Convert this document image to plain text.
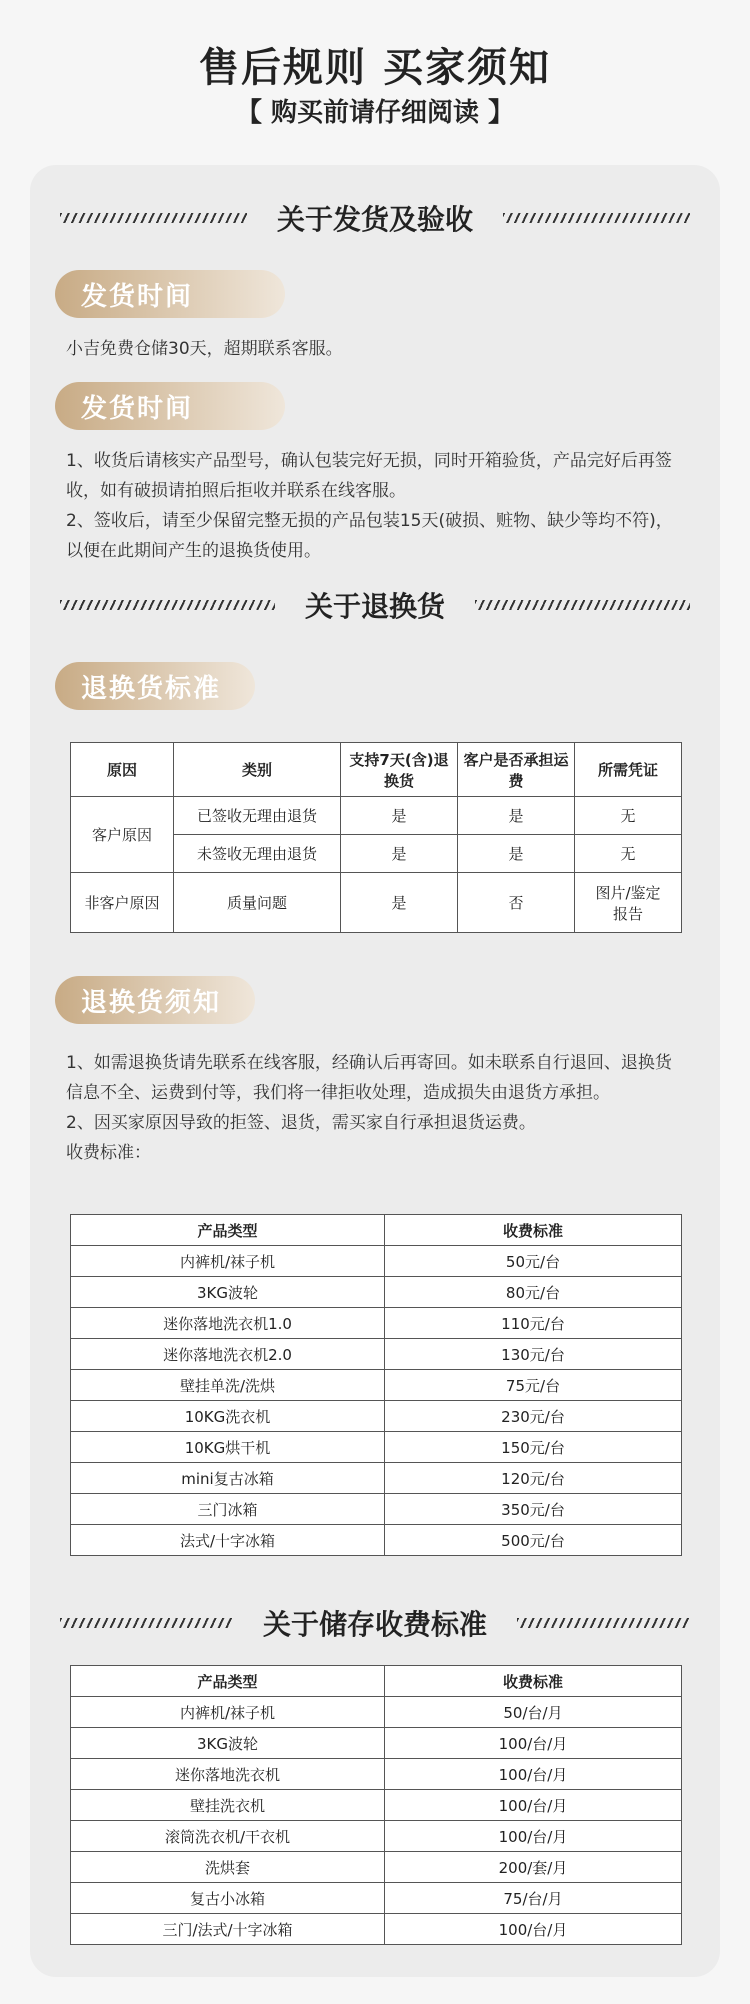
售后规则 买家须知
【 购买前请仔细阅读 】
关于发货及验收
发货时间
小吉免费仓储30天，超期联系客服。
发货时间
1、收货后请核实产品型号，确认包装完好无损，同时开箱验货，产品完好后再签收，如有破损请拍照后拒收并联系在线客服。
2、签收后，请至少保留完整无损的产品包装15天(破损、赃物、缺少等均不符)，以便在此期间产生的退换货使用。
关于退换货
退换货标准
原因	类别	支持7天(含)退换货	客户是否承担运费	所需凭证
客户原因	已签收无理由退货	是	是	无
	未签收无理由退货	是	是	无
非客户原因	质量问题	是	否	图片/鉴定报告
退换货须知
1、如需退换货请先联系在线客服，经确认后再寄回。如未联系自行退回、退换货信息不全、运费到付等，我们将一律拒收处理，造成损失由退货方承担。
2、因买家原因导致的拒签、退货，需买家自行承担退货运费。
收费标准：
产品类型	收费标准
内裤机/袜子机	50元/台
3KG波轮	80元/台
迷你落地洗衣机1.0	110元/台
迷你落地洗衣机2.0	130元/台
壁挂单洗/洗烘	75元/台
10KG洗衣机	230元/台
10KG烘干机	150元/台
mini复古冰箱	120元/台
三门冰箱	350元/台
法式/十字冰箱	500元/台
关于储存收费标准
产品类型	收费标准
内裤机/袜子机	50/台/月
3KG波轮	100/台/月
迷你落地洗衣机	100/台/月
壁挂洗衣机	100/台/月
滚筒洗衣机/干衣机	100/台/月
洗烘套	200/套/月
复古小冰箱	75/台/月
三门/法式/十字冰箱	100/台/月
